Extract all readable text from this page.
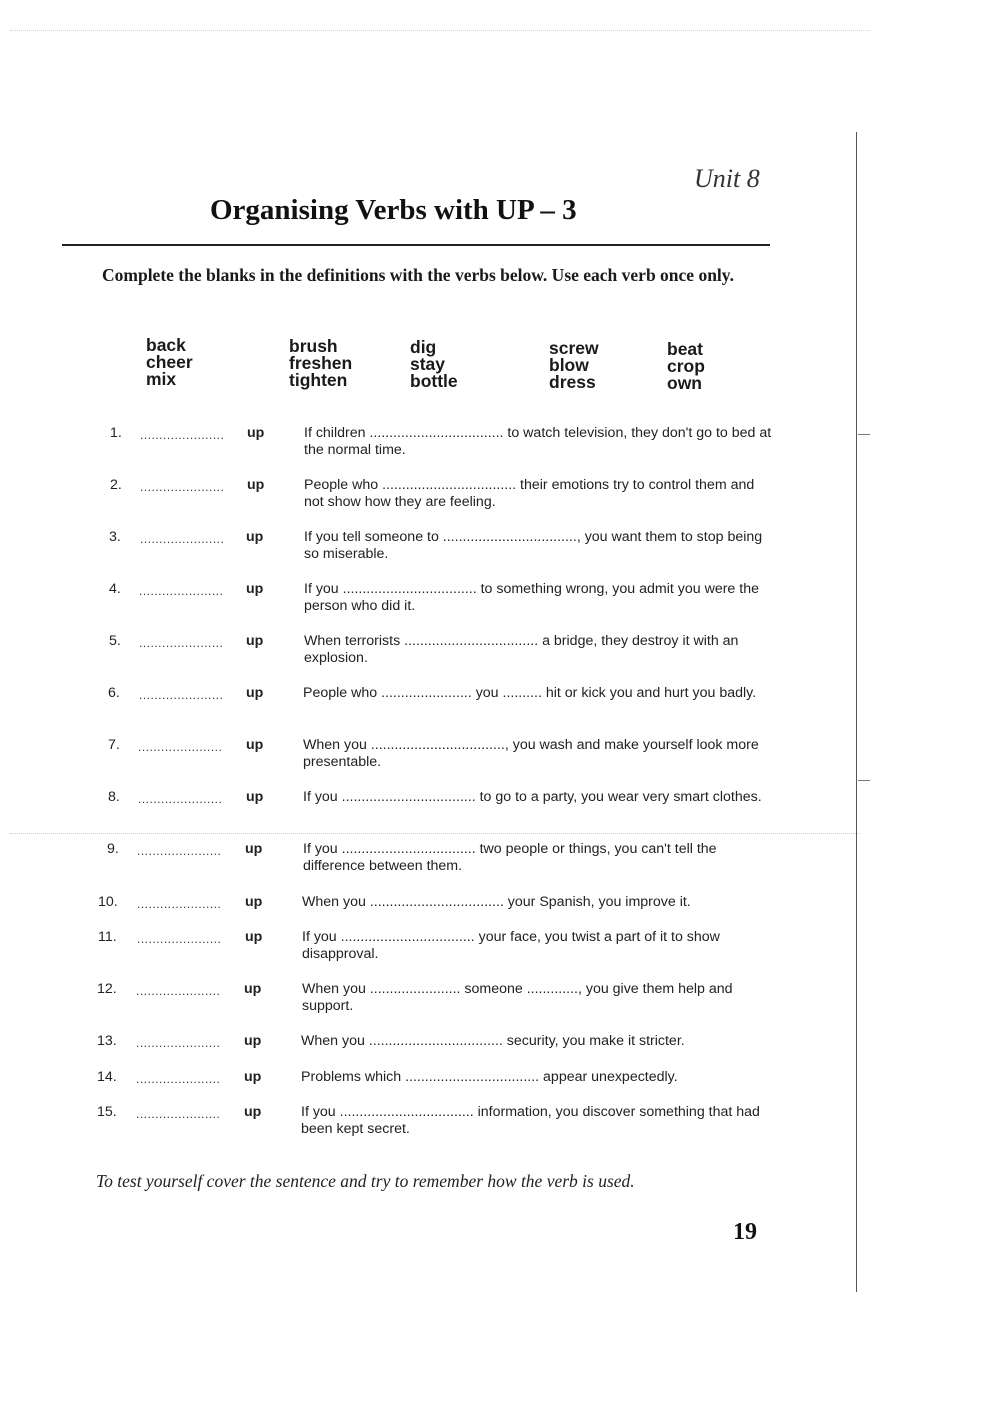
Unit 8
Organising Verbs with UP – 3
Complete the blanks in the definitions with the verbs below. Use each verb once only.
back
cheer
mix
brush
freshen
tighten
dig
stay
bottle
screw
blow
dress
beat
crop
own
1.	...................... up	If children .................................. to watch television, they don't go to bed at the normal time.
2.	...................... up	People who .................................. their emotions try to control them and not show how they are feeling.
3.	...................... up	If you tell someone to .................................., you want them to stop being so miserable.
4.	...................... up	If you .................................. to something wrong, you admit you were the person who did it.
5.	...................... up	When terrorists .................................. a bridge, they destroy it with an explosion.
6.	...................... up	People who ....................... you .......... hit or kick you and hurt you badly.
7.	...................... up	When you .................................., you wash and make yourself look more presentable.
8.	...................... up	If you .................................. to go to a party, you wear very smart clothes.
9.	...................... up	If you .................................. two people or things, you can't tell the difference between them.
10. ...................... up	When you .................................. your Spanish, you improve it.
11. ...................... up	If you .................................. your face, you twist a part of it to show disapproval.
12. ...................... up	When you ....................... someone ............., you give them help and support.
13. ...................... up	When you .................................. security, you make it stricter.
14. ...................... up	Problems which .................................. appear unexpectedly.
15. ...................... up	If you .................................. information, you discover something that had been kept secret.
To test yourself cover the sentence and try to remember how the verb is used.
19
